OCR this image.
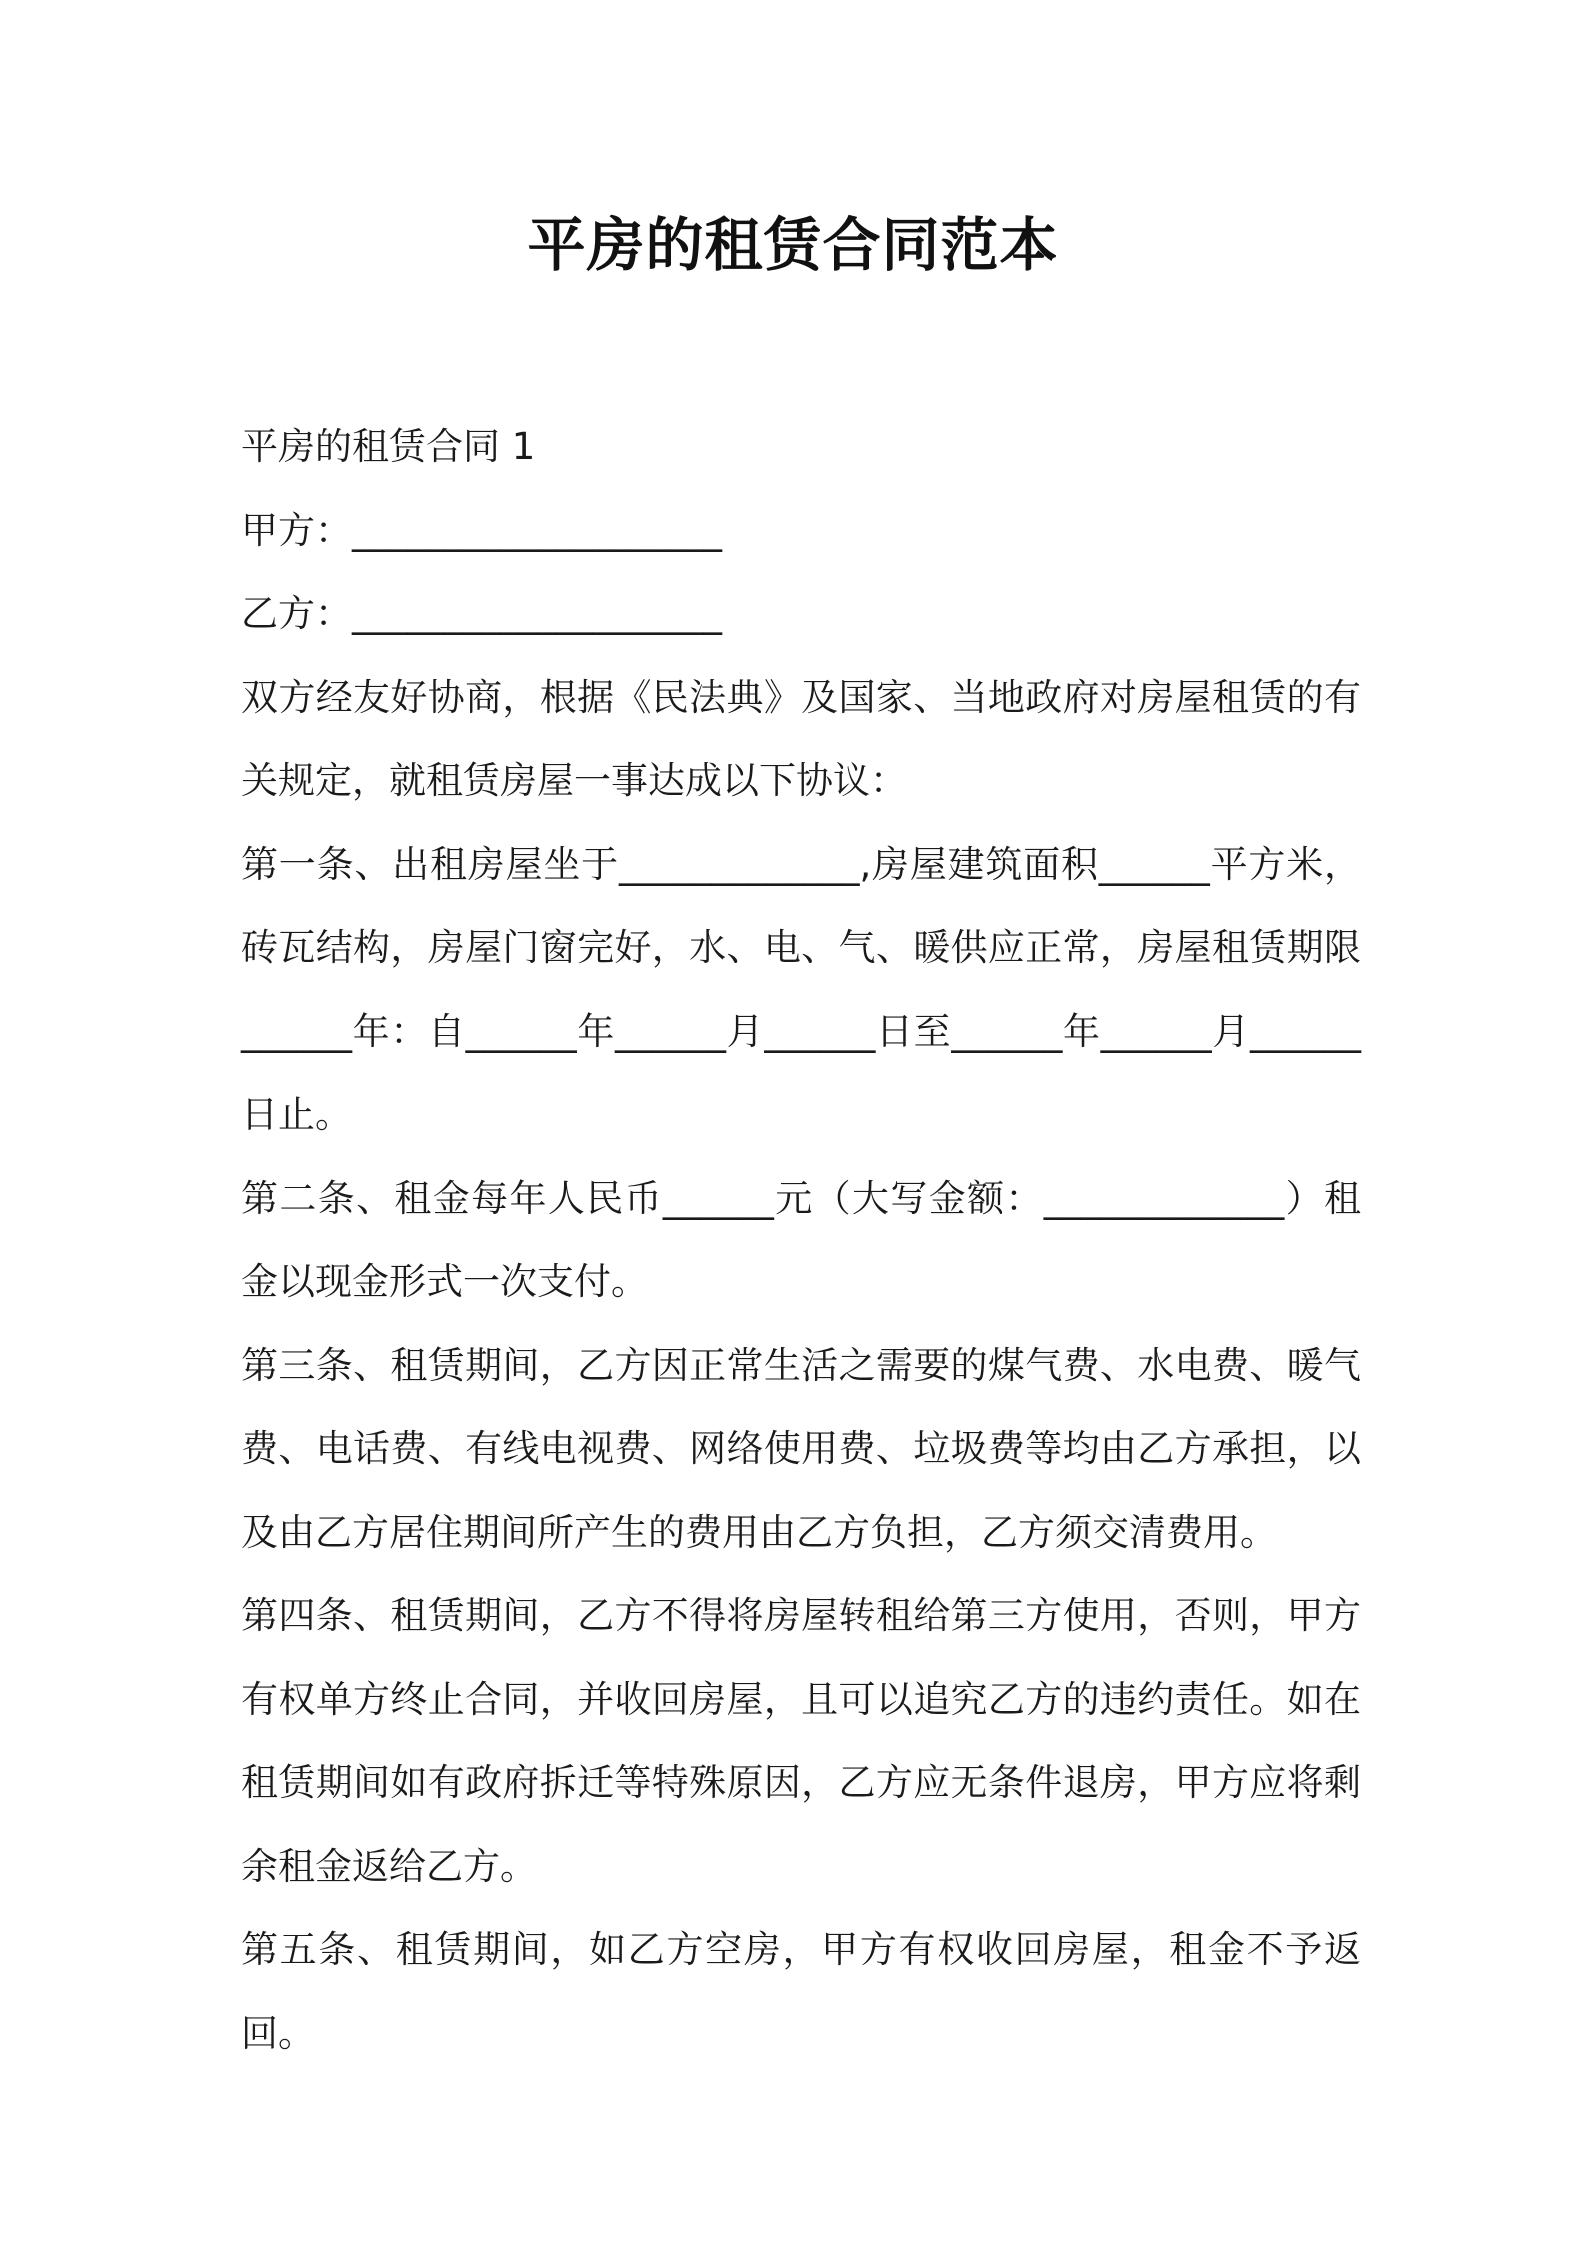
平房的租赁合同范本

平房的租赁合同 1

甲方：____________________

乙方：____________________

双方经友好协商，根据《民法典》及国家、当地政府对房屋租赁的有关规定，就租赁房屋一事达成以下协议：

第一条、出租房屋坐于_____________,房屋建筑面积______平方米，砖瓦结构，房屋门窗完好，水、电、气、暖供应正常，房屋租赁期限______年：自______年______月______日至______年______月______日止。

第二条、租金每年人民币______元（大写金额：_____________）租金以现金形式一次支付。

第三条、租赁期间，乙方因正常生活之需要的煤气费、水电费、暖气费、电话费、有线电视费、网络使用费、垃圾费等均由乙方承担，以及由乙方居住期间所产生的费用由乙方负担，乙方须交清费用。

第四条、租赁期间，乙方不得将房屋转租给第三方使用，否则，甲方有权单方终止合同，并收回房屋，且可以追究乙方的违约责任。如在租赁期间如有政府拆迁等特殊原因，乙方应无条件退房，甲方应将剩余租金返给乙方。

第五条、租赁期间，如乙方空房，甲方有权收回房屋，租金不予返回。
